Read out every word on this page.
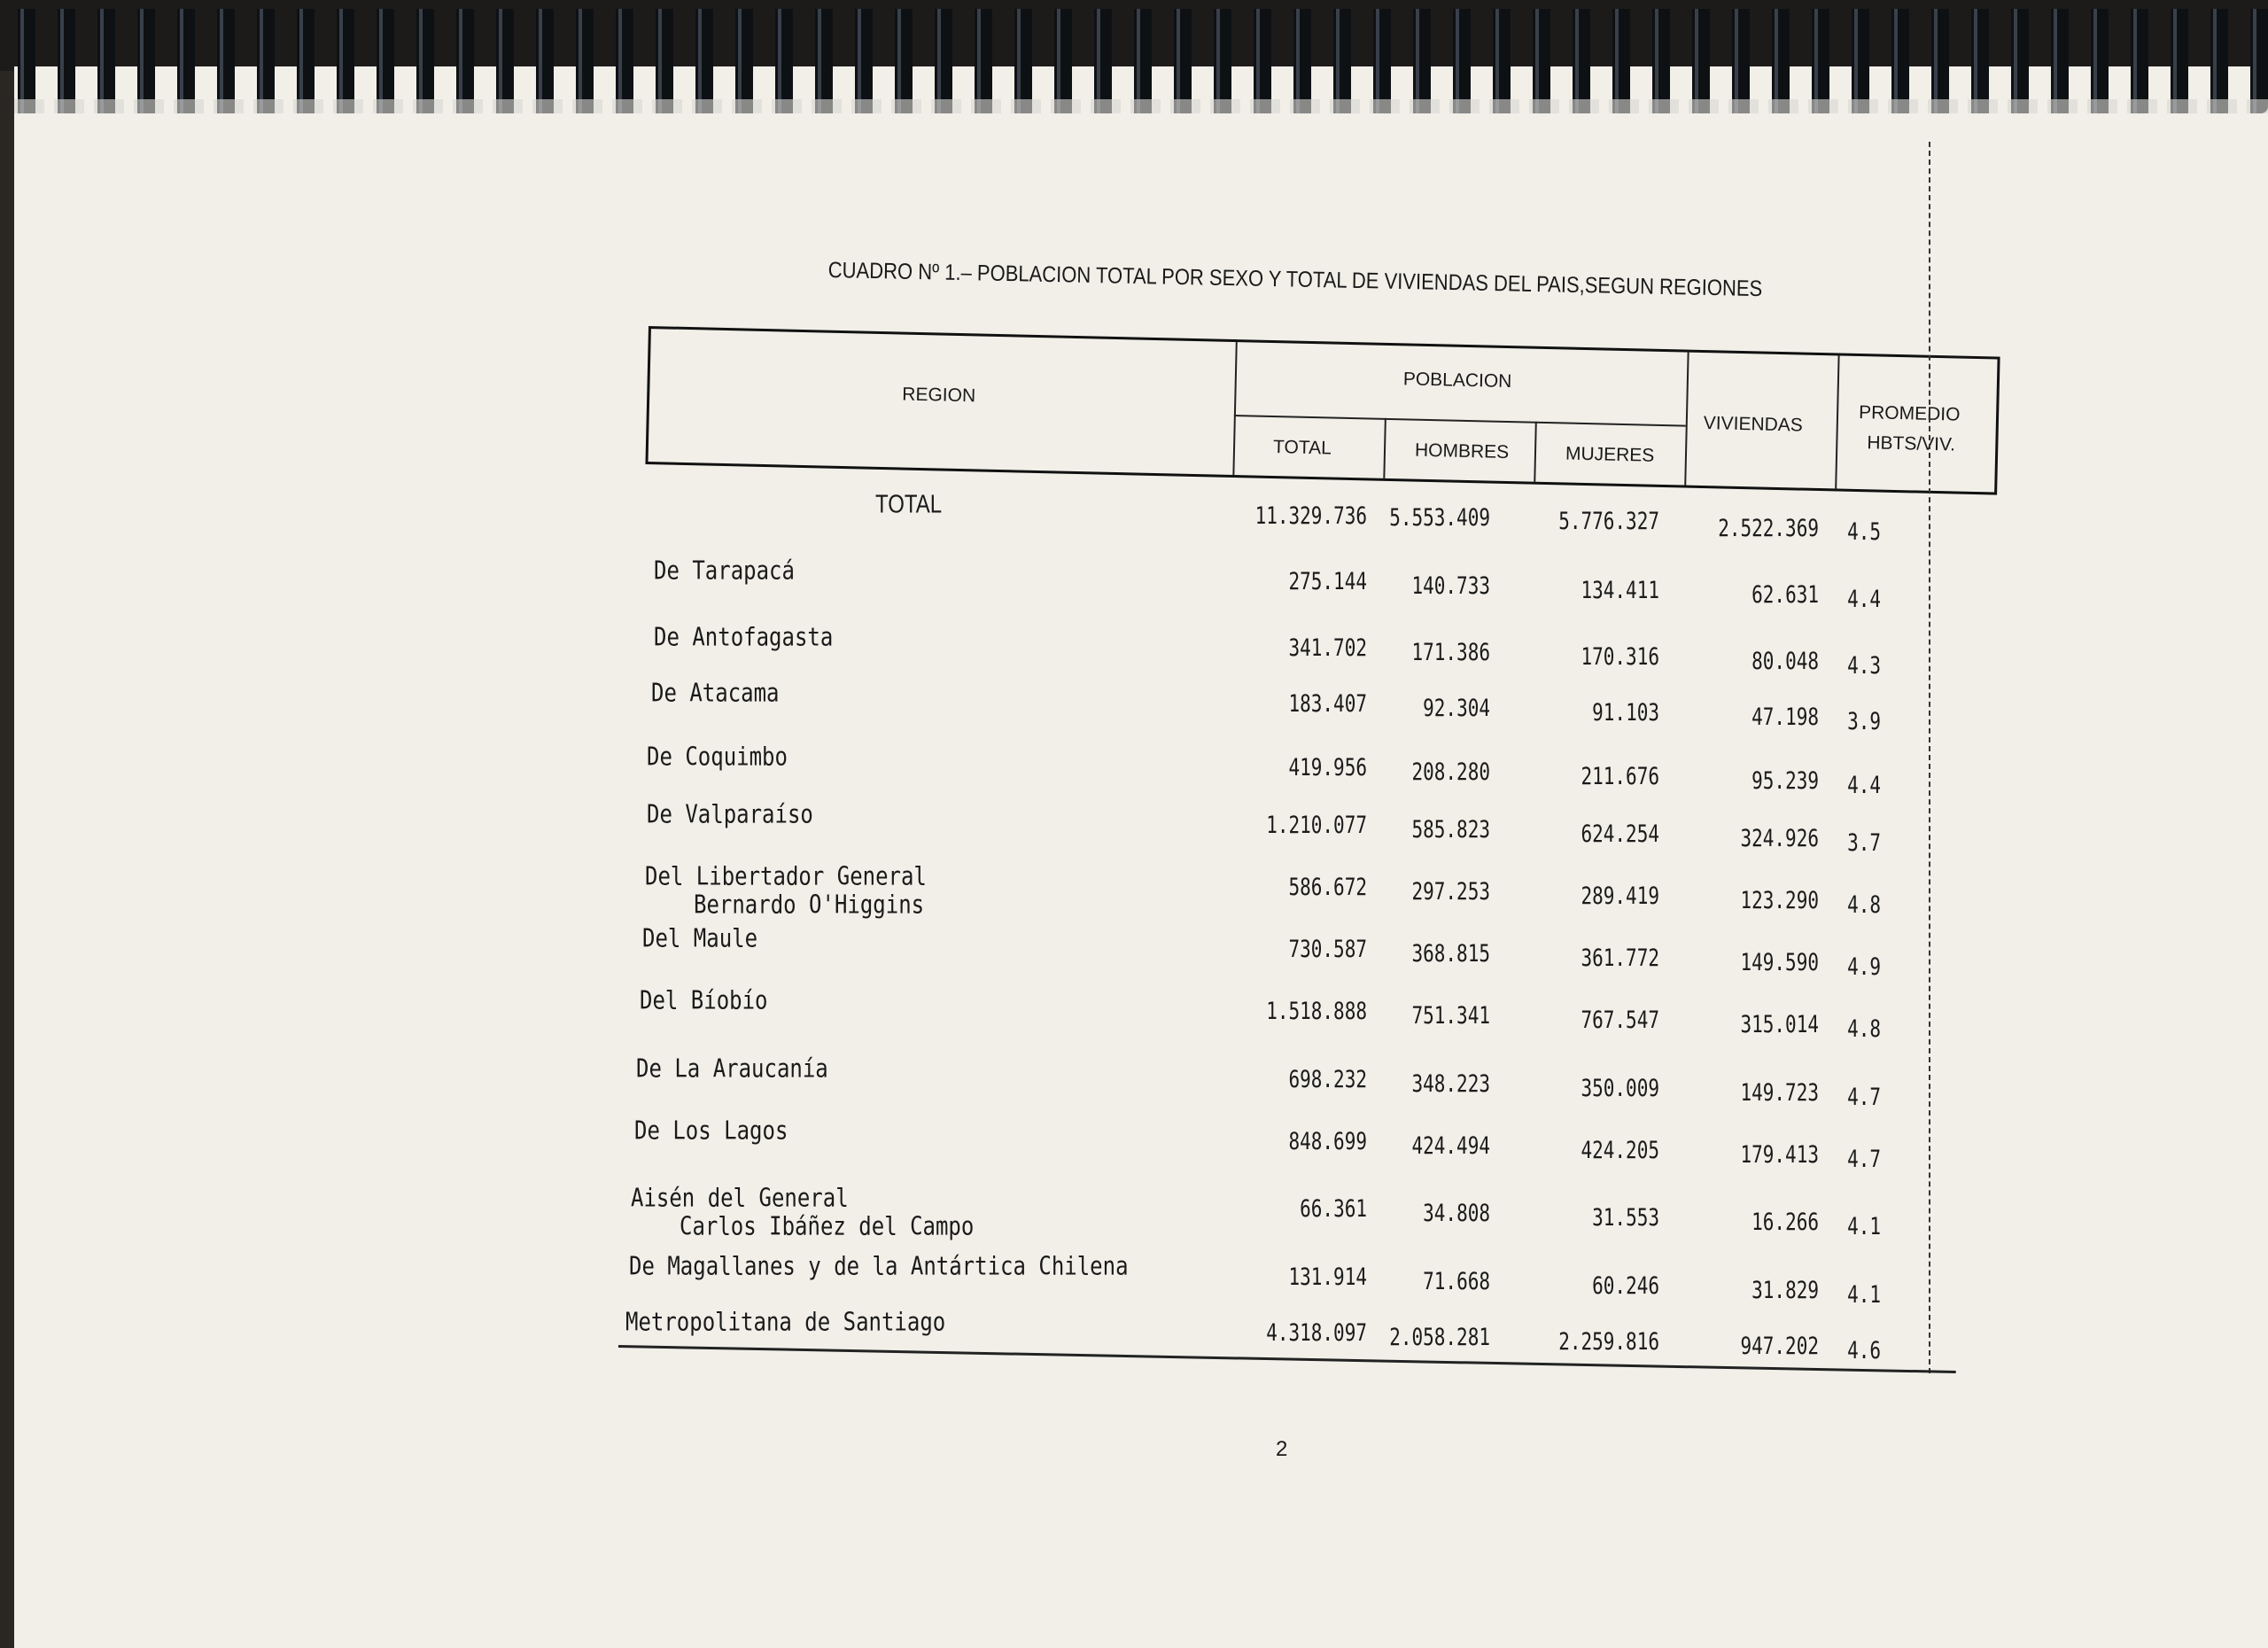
CUADRO Nº 1.– POBLACION TOTAL POR SEXO Y TOTAL DE VIVIENDAS DEL PAIS,SEGUN REGIONES
REGION
POBLACION
TOTAL	HOMBRES	MUJERES
VIVIENDAS	PROMEDIO
HBTS/VIV.
TOTAL	11.329.736	5.553.409	5.776.327	2.522.369	4.5
De Tarapacá	275.144	140.733	134.411	62.631	4.4
De Antofagasta	341.702	171.386	170.316	80.048	4.3
De Atacama	183.407	92.304	91.103	47.198	3.9
De Coquimbo	419.956	208.280	211.676	95.239	4.4
De Valparaíso	1.210.077	585.823	624.254	324.926	3.7
Del Libertador General
Bernardo O'Higgins
586.672	297.253	289.419	123.290	4.8
Del Maule	730.587	368.815	361.772	149.590	4.9
Del Bíobío	1.518.888	751.341	767.547	315.014	4.8
De La Araucanía	698.232	348.223	350.009	149.723	4.7
De Los Lagos	848.699	424.494	424.205	179.413	4.7
Aisén del General
Carlos Ibáñez del Campo
66.361	34.808	31.553	16.266	4.1
De Magallanes y de la Antártica Chilena	131.914	71.668	60.246	31.829	4.1
Metropolitana de Santiago	4.318.097	2.058.281	2.259.816	947.202	4.6
2
